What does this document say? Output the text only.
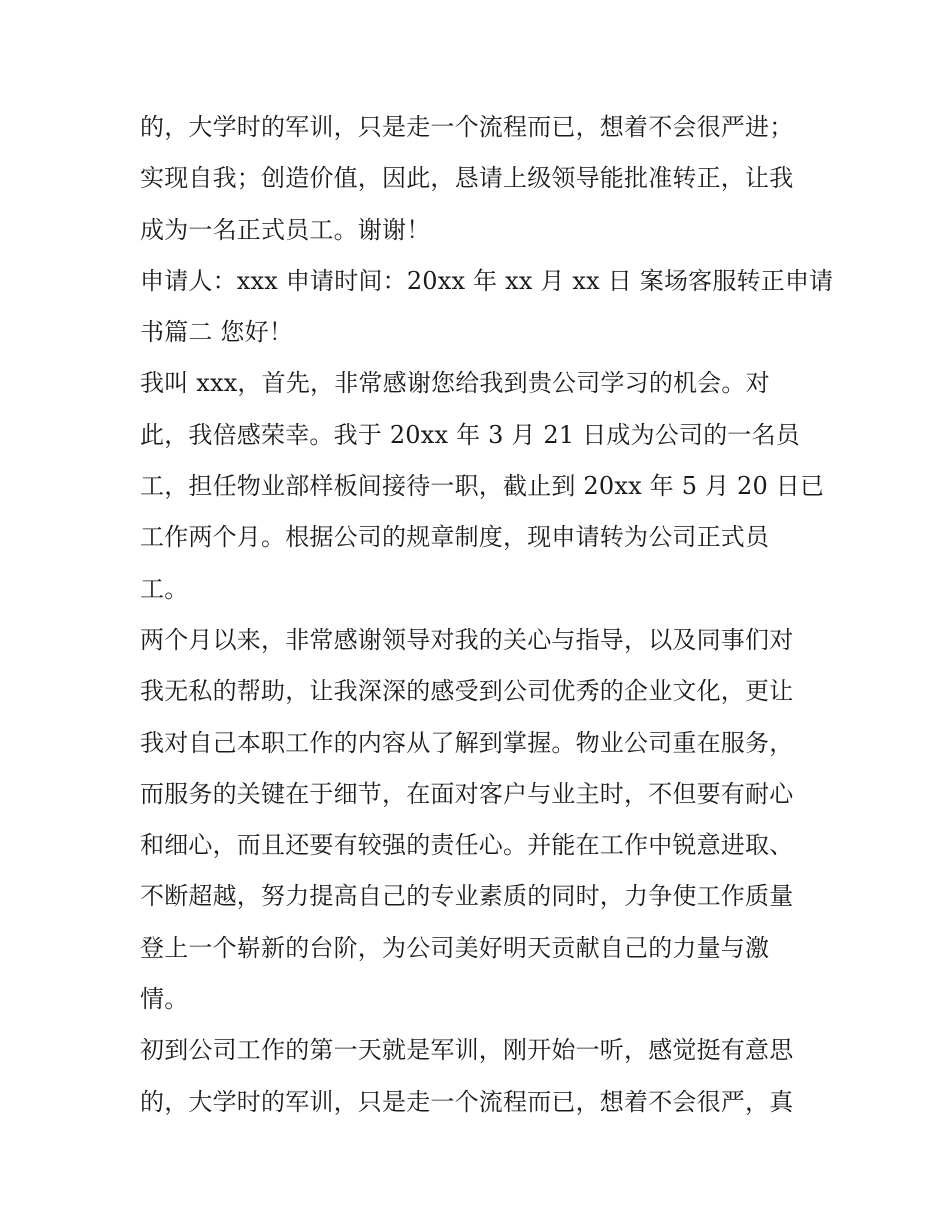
的，大学时的军训，只是走一个流程而已，想着不会很严进；
实现自我；创造价值，因此，恳请上级领导能批准转正，让我
成为一名正式员工。谢谢！
申请人：xxx 申请时间：20xx 年 xx 月 xx 日 案场客服转正申请
书篇二 您好！
我叫 xxx，首先，非常感谢您给我到贵公司学习的机会。对
此，我倍感荣幸。我于 20xx 年 3 月 21 日成为公司的一名员
工，担任物业部样板间接待一职，截止到 20xx 年 5 月 20 日已
工作两个月。根据公司的规章制度，现申请转为公司正式员
工。
两个月以来，非常感谢领导对我的关心与指导，以及同事们对
我无私的帮助，让我深深的感受到公司优秀的企业文化，更让
我对自己本职工作的内容从了解到掌握。物业公司重在服务，
而服务的关键在于细节，在面对客户与业主时，不但要有耐心
和细心，而且还要有较强的责任心。并能在工作中锐意进取、
不断超越，努力提高自己的专业素质的同时，力争使工作质量
登上一个崭新的台阶，为公司美好明天贡献自己的力量与激
情。
初到公司工作的第一天就是军训，刚开始一听，感觉挺有意思
的，大学时的军训，只是走一个流程而已，想着不会很严，真
